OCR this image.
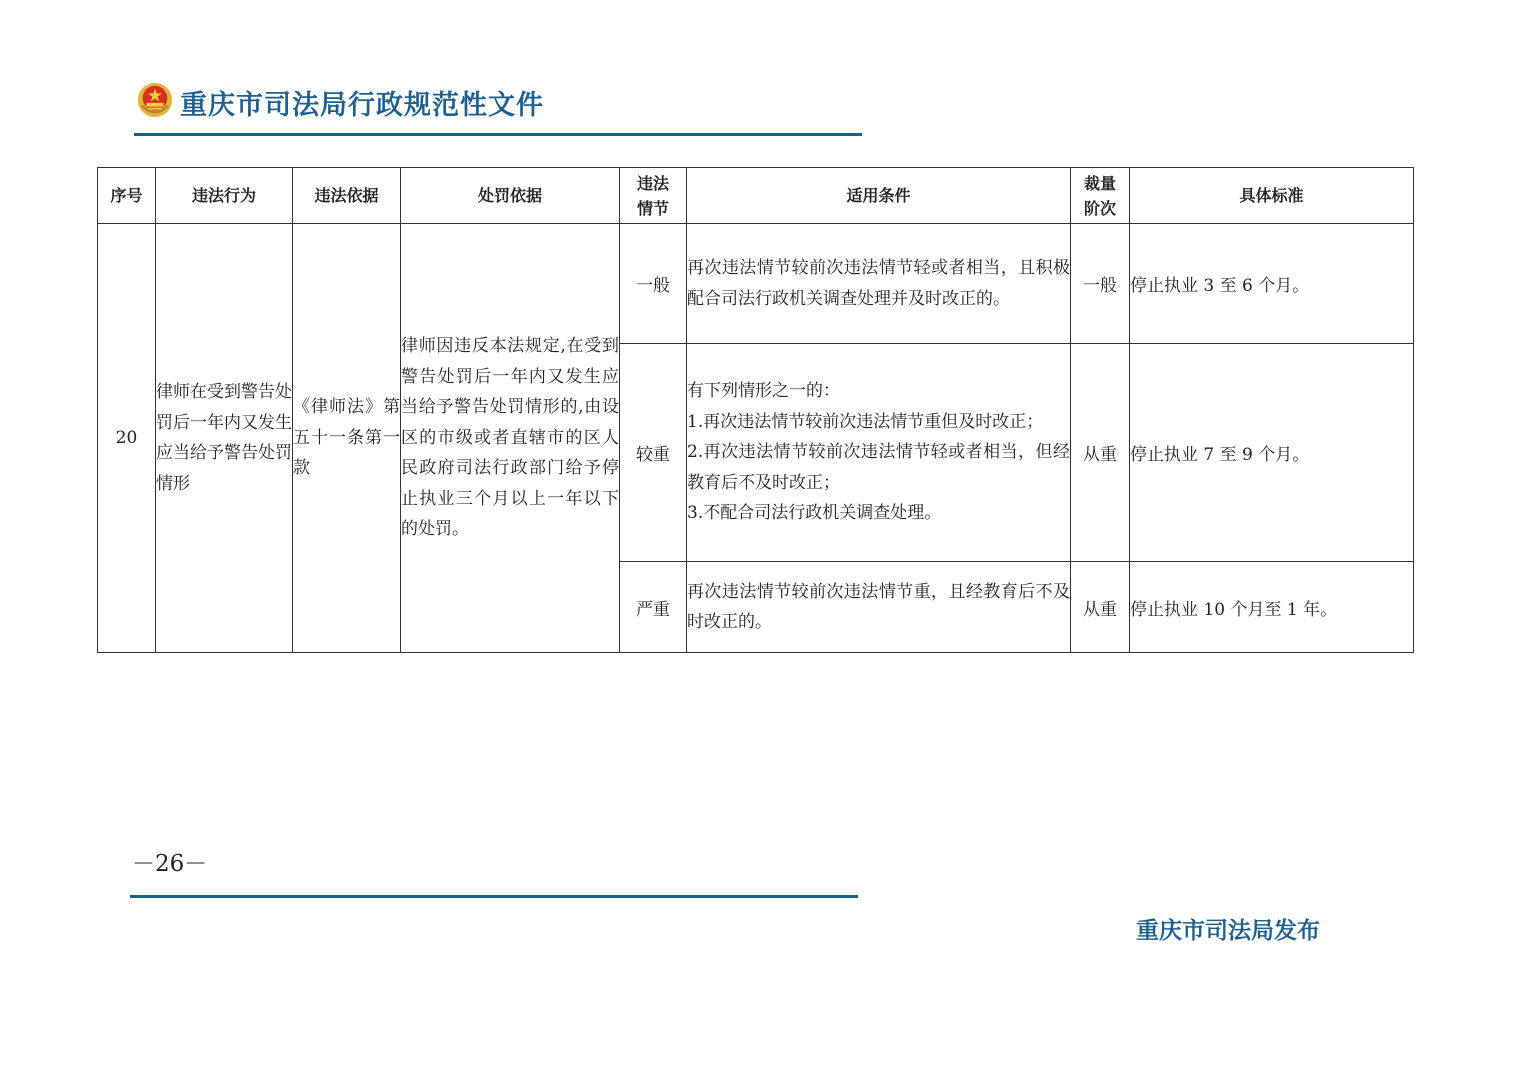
重庆市司法局行政规范性文件
序号	违法行为	违法依据	处罚依据	违法情节	适用条件	裁量阶次	具体标准
20	律师在受到警告处罚后一年内又发生应当给予警告处罚情形	《律师法》第五十一条第一款	律师因违反本法规定,在受到警告处罚后一年内又发生应当给予警告处罚情形的,由设区的市级或者直辖市的区人民政府司法行政部门给予停止执业三个月以上一年以下的处罚。	一般	再次违法情节较前次违法情节轻或者相当，且积极配合司法行政机关调查处理并及时改正的。	一般	停止执业 3 至 6 个月。
				较重	有下列情形之一的：
1.再次违法情节较前次违法情节重但及时改正；
2.再次违法情节较前次违法情节轻或者相当，但经教育后不及时改正；
3.不配合司法行政机关调查处理。	从重	停止执业 7 至 9 个月。
				严重	再次违法情节较前次违法情节重，且经教育后不及时改正的。	从重	停止执业 10 个月至 1 年。
－26－
重庆市司法局发布
